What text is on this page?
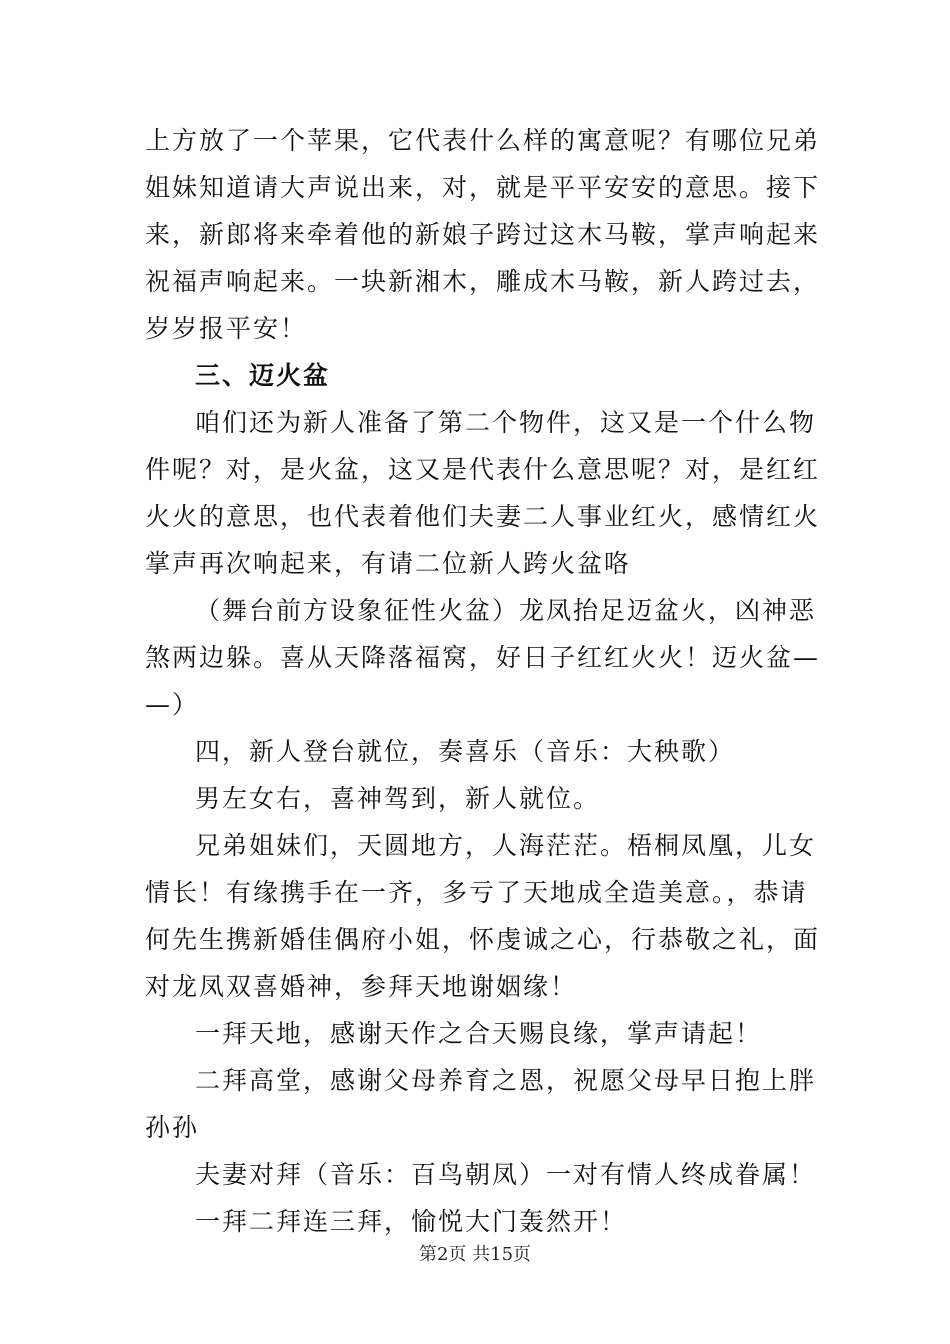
上方放了一个苹果，它代表什么样的寓意呢？有哪位兄弟
姐妹知道请大声说出来，对，就是平平安安的意思。接下
来，新郎将来牵着他的新娘子跨过这木马鞍，掌声响起来
祝福声响起来。一块新湘木，雕成木马鞍，新人跨过去，
岁岁报平安！
三、迈火盆
咱们还为新人准备了第二个物件，这又是一个什么物
件呢？对，是火盆，这又是代表什么意思呢？对，是红红
火火的意思，也代表着他们夫妻二人事业红火，感情红火
掌声再次响起来，有请二位新人跨火盆咯
（舞台前方设象征性火盆）龙凤抬足迈盆火，凶神恶
煞两边躲。喜从天降落福窝，好日子红红火火！迈火盆—
—）
四，新人登台就位，奏喜乐（音乐：大秧歌）
男左女右，喜神驾到，新人就位。
兄弟姐妹们，天圆地方，人海茫茫。梧桐凤凰，儿女
情长！有缘携手在一齐，多亏了天地成全造美意。，恭请
何先生携新婚佳偶府小姐，怀虔诚之心，行恭敬之礼，面
对龙凤双喜婚神，参拜天地谢姻缘！
一拜天地，感谢天作之合天赐良缘，掌声请起！
二拜高堂，感谢父母养育之恩，祝愿父母早日抱上胖
孙孙
夫妻对拜（音乐：百鸟朝凤）一对有情人终成眷属！
一拜二拜连三拜，愉悦大门轰然开！
第2页 共15页
